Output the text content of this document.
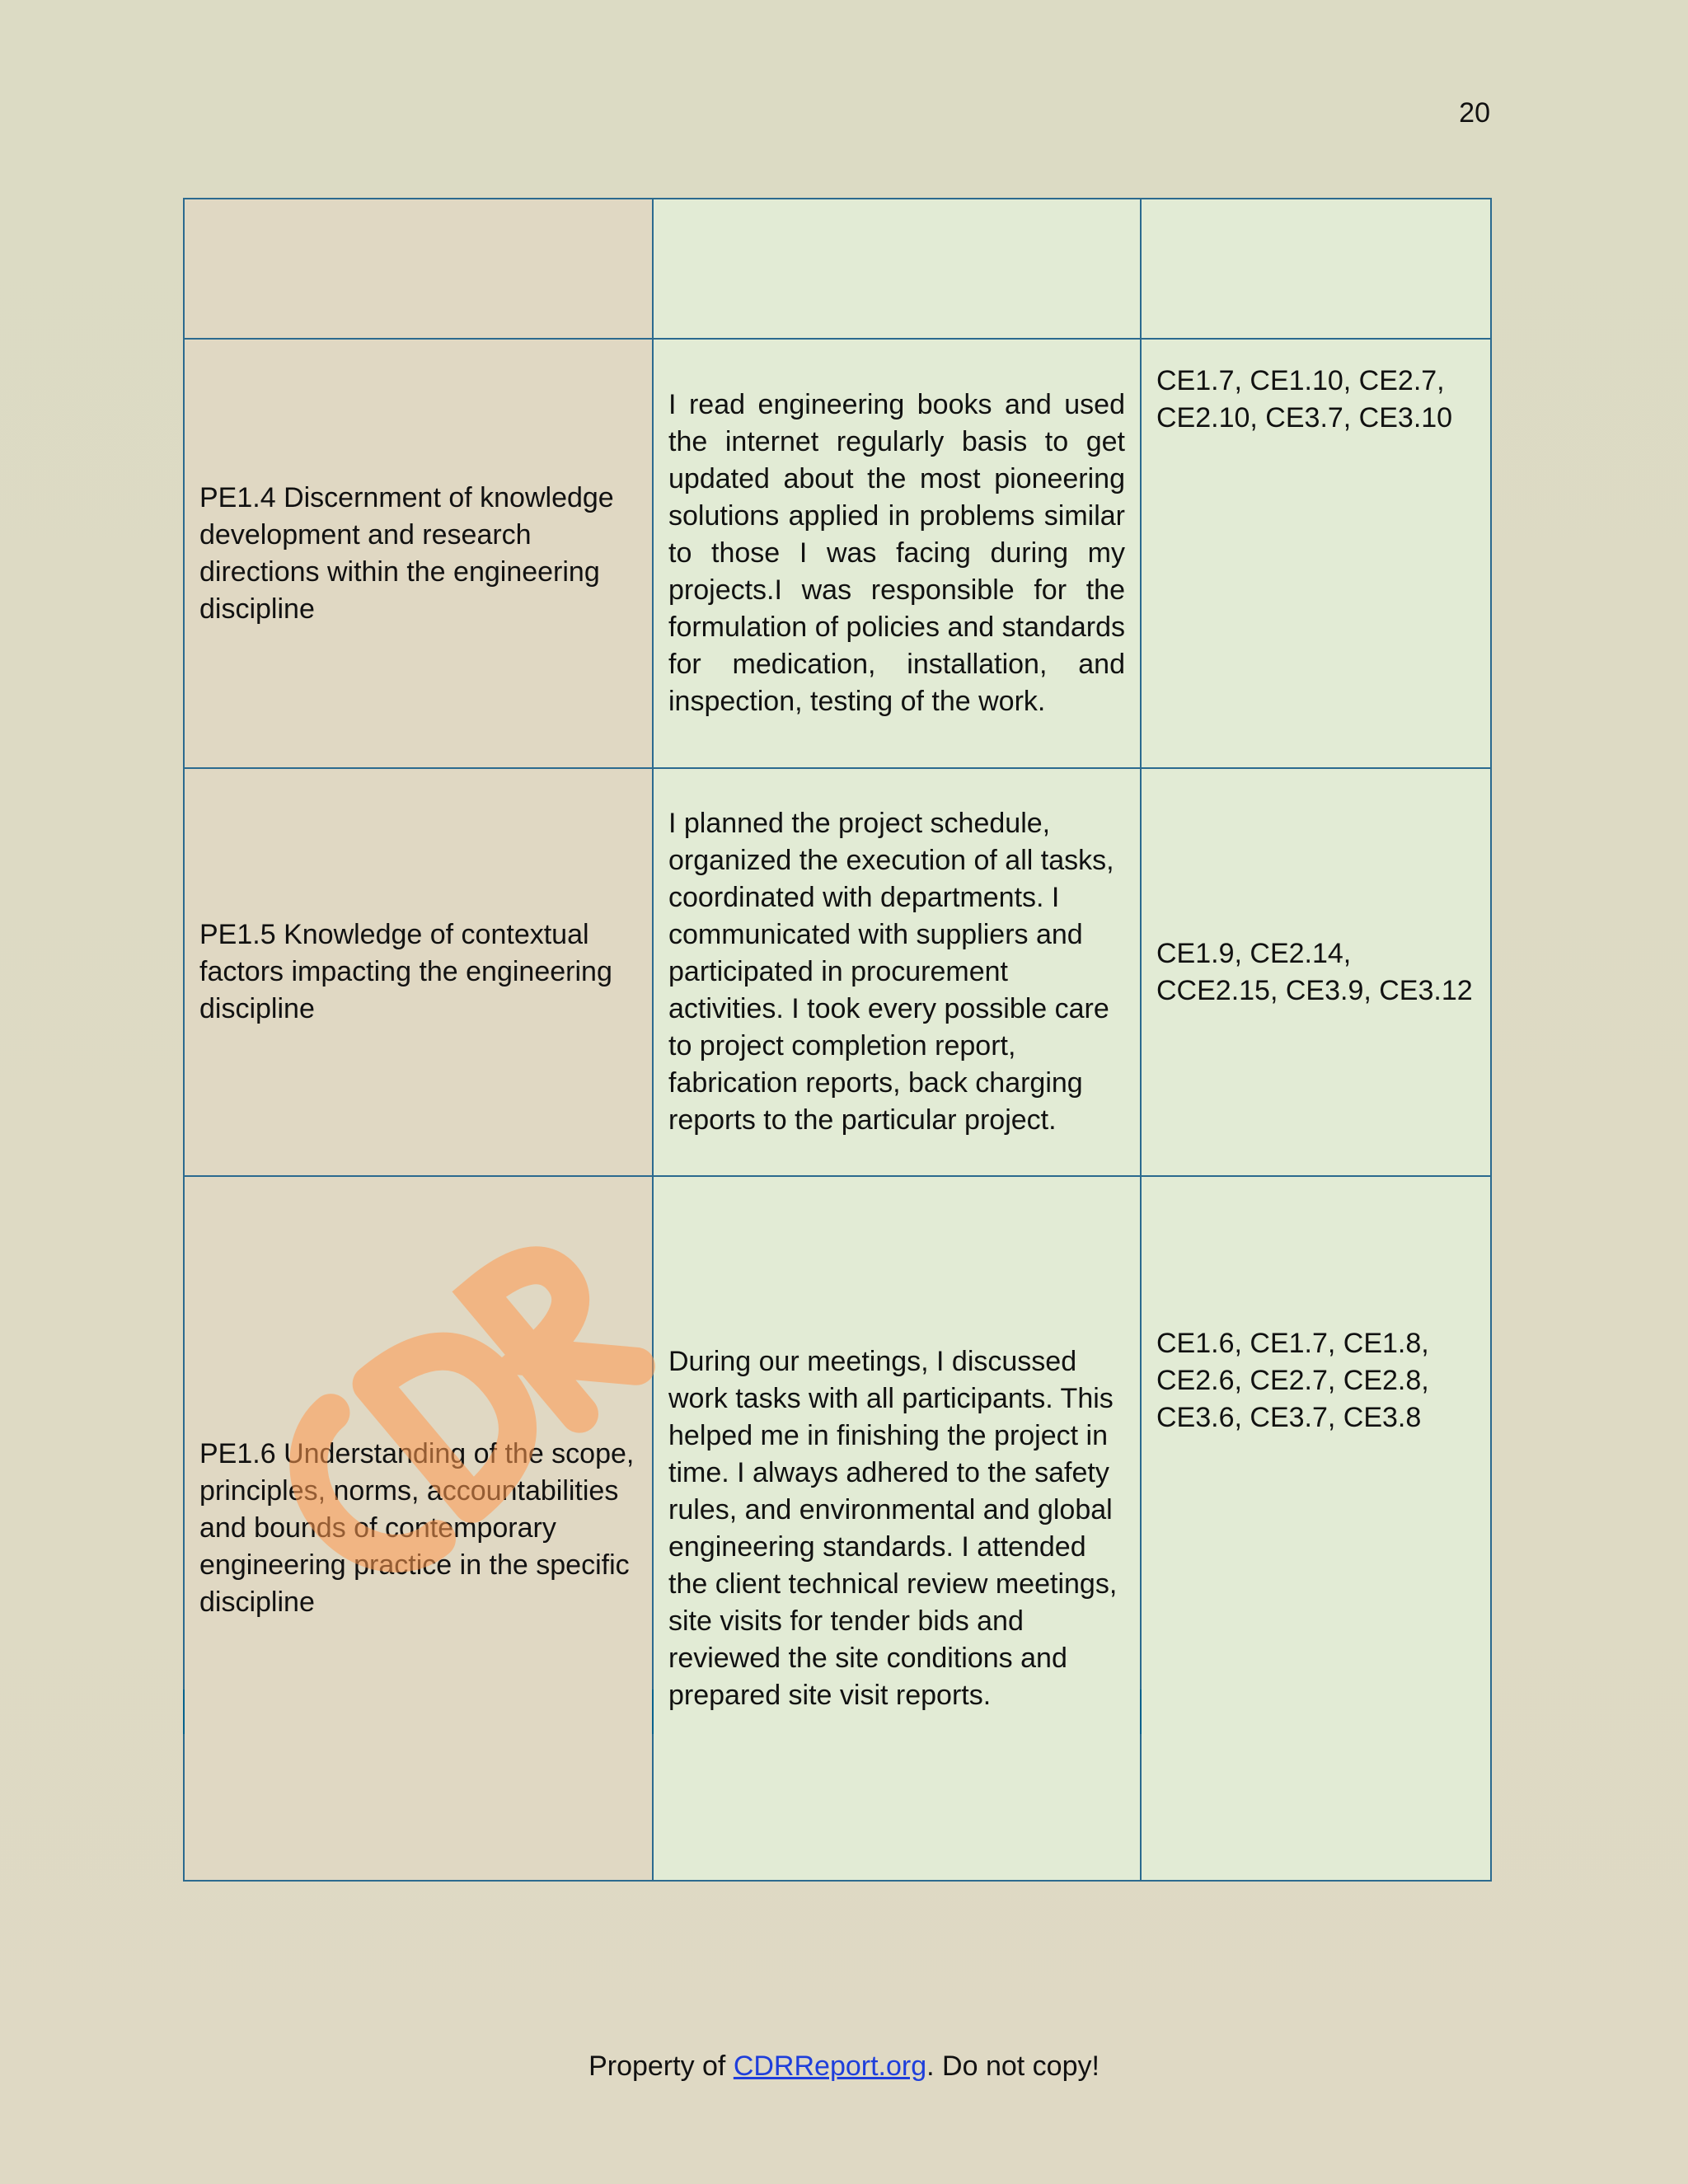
20

PE1.4 Discernment of knowledge development and research directions within the engineering discipline	I read engineering books and used the internet regularly basis to get updated about the most pioneering solutions applied in problems similar to those I was facing during my projects.I was responsible for the formulation of policies and standards for medication, installation, and inspection, testing of the work.	CE1.7, CE1.10, CE2.7, CE2.10, CE3.7, CE3.10
PE1.5 Knowledge of contextual factors impacting the engineering discipline	I planned the project schedule, organized the execution of all tasks, coordinated with departments. I communicated with suppliers and participated in procurement activities. I took every possible care to project completion report, fabrication reports, back charging reports to the particular project.	CE1.9, CE2.14, CCE2.15, CE3.9, CE3.12
PE1.6 Understanding of the scope, principles, norms, accountabilities and bounds of contemporary engineering practice in the specific discipline	During our meetings, I discussed work tasks with all participants. This helped me in finishing the project in time. I always adhered to the safety rules, and environmental and global engineering standards. I attended the client technical review meetings, site visits for tender bids and reviewed the site conditions and prepared site visit reports.	CE1.6, CE1.7, CE1.8, CE2.6, CE2.7, CE2.8, CE3.6, CE3.7, CE3.8
Property of CDRReport.org. Do not copy!
